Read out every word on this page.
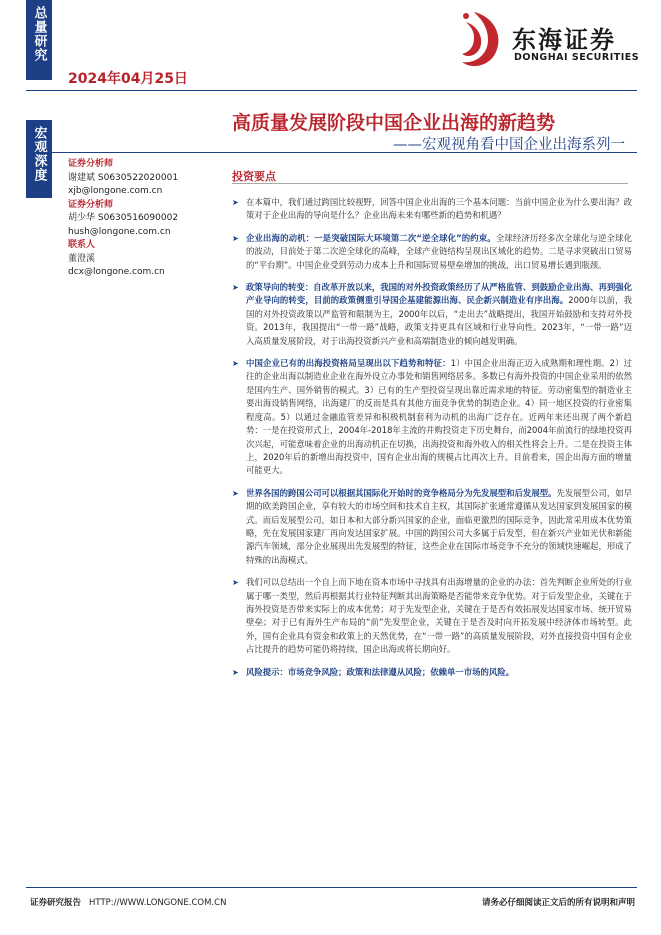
总量研究
宏观深度
东海证券
DONGHAI SECURITIES
2024年04月25日
高质量发展阶段中国企业出海的新趋势
——宏观视角看中国企业出海系列一
证券分析师
谢建斌 S0630522020001
xjb@longone.com.cn
证券分析师
胡少华 S0630516090002
hush@longone.com.cn
联系人
董澄溪
dcx@longone.com.cn
投资要点
➤ 在本篇中，我们通过跨国比较视野，回答中国企业出海的三个基本问题：当前中国企业为什么要出海？政策对于企业出海的导向是什么？企业出海未来有哪些新的趋势和机遇？
➤ 企业出海的动机：一是突破国际大环境第二次“逆全球化”的约束。全球经济历经多次全球化与逆全球化的波动，目前处于第二次逆全球化的高峰，全球产业链结构呈现出区域化的趋势。二是寻求突破出口贸易的“平台期”。中国企业受到劳动力成本上升和国际贸易壁垒增加的挑战，出口贸易增长遇到瓶颈。
➤ 政策导向的转变：自改革开放以来，我国的对外投资政策经历了从严格监管、到鼓励企业出海、再到强化产业导向的转变，目前的政策侧重引导国企基建能源出海、民企新兴制造业有序出海。2000年以前，我国的对外投资政策以严监管和限制为主，2000年以后，“走出去”战略提出，我国开始鼓励和支持对外投资。2013年，我国提出“一带一路”战略，政策支持更具有区域和行业导向性。2023年，“一带一路”迈入高质量发展阶段，对于出海投资新兴产业和高端制造业的倾向越发明确。
➤ 中国企业已有的出海投资格局呈现出以下趋势和特征：1）中国企业出海正迈入成熟期和理性期。2）过往的企业出海以制造业企业在海外设立办事处和销售网络居多。多数已有海外投资的中国企业采用的依然是国内生产、国外销售的模式。3）已有的生产型投资呈现出靠近需求地的特征。劳动密集型的制造业主要出海设销售网络，出海建厂的反而是具有其他方面竞争优势的制造企业。4）同一地区投资的行业密集程度高。5）以通过金融监管差异和积极机制套利为动机的出海广泛存在。近两年来还出现了两个新趋势：一是在投资形式上，2004年-2018年主流的并购投资走下历史舞台，而2004年前流行的绿地投资再次兴起，可能意味着企业的出海动机正在切换，出海投资和海外收入的相关性将会上升。二是在投资主体上，2020年后的新增出海投资中，国有企业出海的规模占比再次上升。目前看来，国企出海方面的增量可能更大。
➤ 世界各国的跨国公司可以根据其国际化开始时的竞争格局分为先发展型和后发展型。先发展型公司，如早期的欧美跨国企业，享有较大的市场空间和技术自主权，其国际扩张通常遵循从发达国家到发展国家的模式。而后发展型公司，如日本和大部分新兴国家的企业，面临更激烈的国际竞争，因此常采用成本优势策略，先在发展国家建厂再向发达国家扩展。中国的跨国公司大多属于后发型，但在新兴产业如光伏和新能源汽车领域，部分企业展现出先发展型的特征，这些企业在国际市场竞争不充分的领域快速崛起，形成了特殊的出海模式。
➤ 我们可以总结出一个自上而下地在资本市场中寻找具有出海增量的企业的办法：首先判断企业所处的行业属于哪一类型，然后再根据其行业特征判断其出海策略是否能带来竞争优势。对于后发型企业，关键在于海外投资是否带来实际上的成本优势；对于先发型企业，关键在于是否有效拓展发达国家市场、统开贸易壁垒；对于已有海外生产布局的“前”先发型企业，关键在于是否及时向开拓发展中经济体市场转型。此外，国有企业具有资金和政策上的天然优势，在“一带一路”的高质量发展阶段，对外直接投资中国有企业占比提升的趋势可能仍将持续，国企出海或将长期向好。
➤ 风险提示：市场竞争风险；政策和法律遵从风险；依赖单一市场的风险。
证券研究报告 HTTP://WWW.LONGONE.COM.CN	请务必仔细阅读正文后的所有说明和声明
